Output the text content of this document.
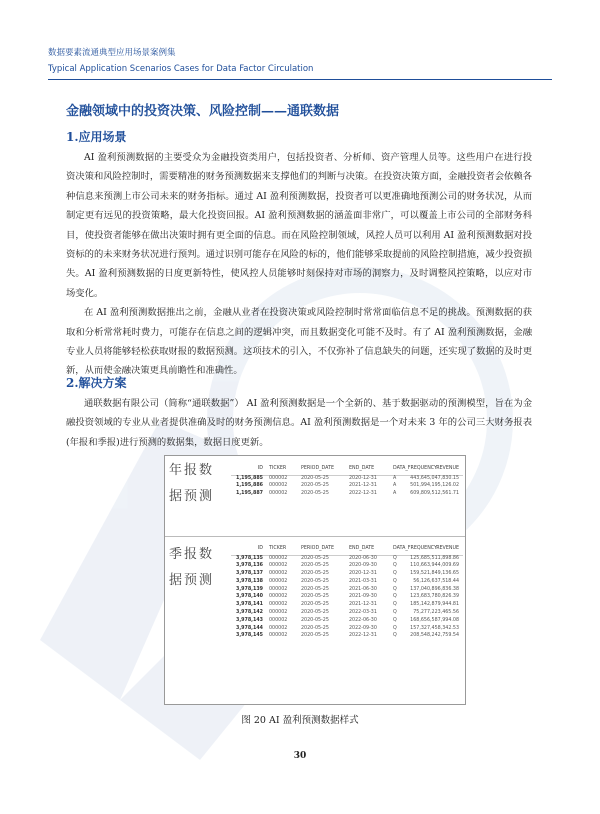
数据要素流通典型应用场景案例集
Typical Application Scenarios Cases for Data Factor Circulation
金融领域中的投资决策、风险控制——通联数据
1.应用场景

AI 盈利预测数据的主要受众为金融投资类用户，包括投资者、分析师、资产管理人员等。这些用户在进行投资决策和风险控制时，需要精准的财务预测数据来支撑他们的判断与决策。在投资决策方面，金融投资者会依赖各种信息来预测上市公司未来的财务指标。通过 AI 盈利预测数据，投资者可以更准确地预测公司的财务状况，从而制定更有远见的投资策略，最大化投资回报。AI 盈利预测数据的涵盖面非常广，可以覆盖上市公司的全部财务科目，使投资者能够在做出决策时拥有更全面的信息。而在风险控制领域，风控人员可以利用 AI 盈利预测数据对投资标的的未来财务状况进行预判。通过识别可能存在风险的标的，他们能够采取提前的风险控制措施，减少投资损失。AI 盈利预测数据的日度更新特性，使风控人员能够时刻保持对市场的洞察力，及时调整风控策略，以应对市场变化。

在 AI 盈利预测数据推出之前，金融从业者在投资决策或风险控制时常常面临信息不足的挑战。预测数据的获取和分析常常耗时费力，可能存在信息之间的逻辑冲突，而且数据变化可能不及时。有了 AI 盈利预测数据，金融专业人员将能够轻松获取财报的数据预测。这项技术的引入，不仅弥补了信息缺失的问题，还实现了数据的及时更新，从而使金融决策更具前瞻性和准确性。

2.解决方案

通联数据有限公司（简称“通联数据”） AI 盈利预测数据是一个全新的、基于数据驱动的预测模型，旨在为金融投资领域的专业从业者提供准确及时的财务预测信息。AI 盈利预测数据是一个对未来 3 年的公司三大财务报表(年报和季报)进行预测的数据集，数据日度更新。

年报数据预测
ID TICKER	PERIOD_DATE	END_DATE	DATA_FREQUENCY REVENUE
1,195,885 000002	2020-05-25	2020-12-31	A	443,645,047,830.15
1,195,886 000002	2020-05-25	2021-12-31	A	501,994,195,126.02
1,195,887 000002	2020-05-25	2022-12-31	A	609,809,512,561.71
季报数据预测
ID TICKER	PERIOD_DATE	END_DATE	DATA_FREQUENCY REVENUE
3,978,135 000002	2020-05-25	2020-06-30	Q	125,685,511,898.86
3,978,136 000002	2020-05-25	2020-09-30	Q	110,663,944,009.69
3,978,137 000002	2020-05-25	2020-12-31	Q	159,521,849,136.65
3,978,138 000002	2020-05-25	2021-03-31	Q	56,126,637,518.44
3,978,139 000002	2020-05-25	2021-06-30	Q	137,040,896,836.38
3,978,140 000002	2020-05-25	2021-09-30	Q	123,683,780,826.39
3,978,141 000002	2020-05-25	2021-12-31	Q	185,142,879,944.81
3,978,142 000002	2020-05-25	2022-03-31	Q	75,277,223,465.56
3,978,143 000002	2020-05-25	2022-06-30	Q	168,656,587,994.08
3,978,144 000002	2020-05-25	2022-09-30	Q	157,327,458,342.53
3,978,145 000002	2020-05-25	2022-12-31	Q	208,548,242,759.54
图 20 AI 盈利预测数据样式
30
